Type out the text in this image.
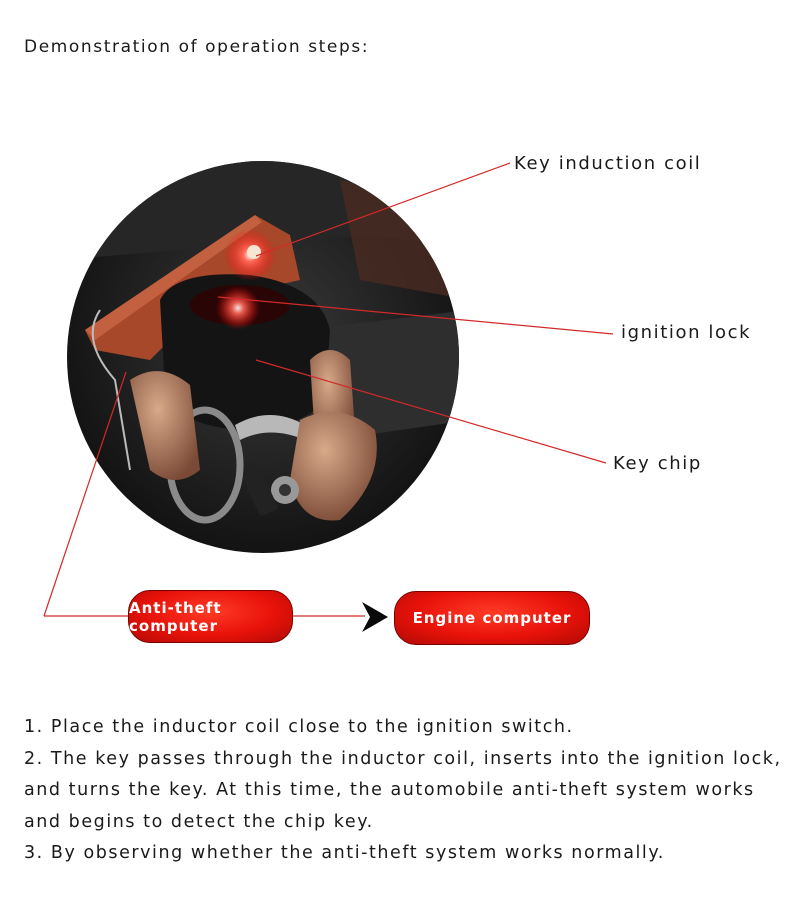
Demonstration of operation steps:
Key induction coil
ignition lock
Key chip
Anti-theft computer	Engine computer

1. Place the inductor coil close to the ignition switch.

2. The key passes through the inductor coil, inserts into the ignition lock, and turns the key. At this time, the automobile anti-theft system works and begins to detect the chip key.

3. By observing whether the anti-theft system works normally.
